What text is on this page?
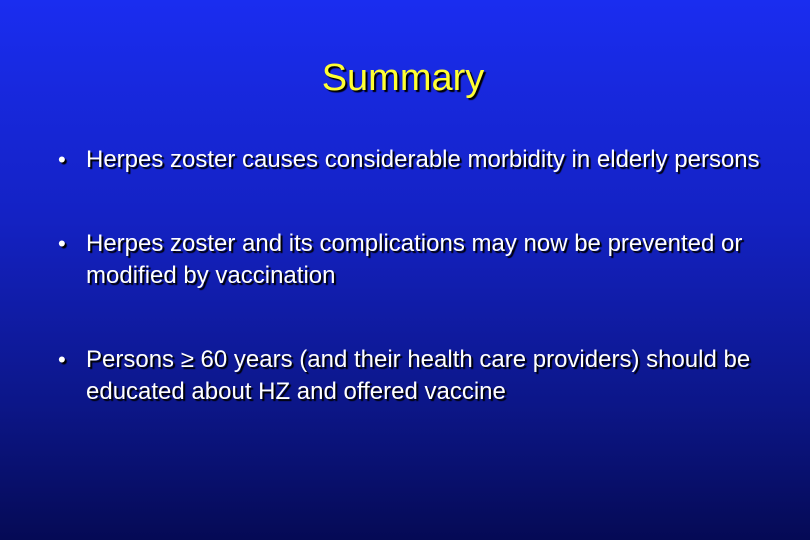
Summary
• Herpes zoster causes considerable morbidity in elderly persons
• Herpes zoster and its complications may now be prevented or modified by vaccination
• Persons ≥ 60 years (and their health care providers) should be educated about HZ and offered vaccine
